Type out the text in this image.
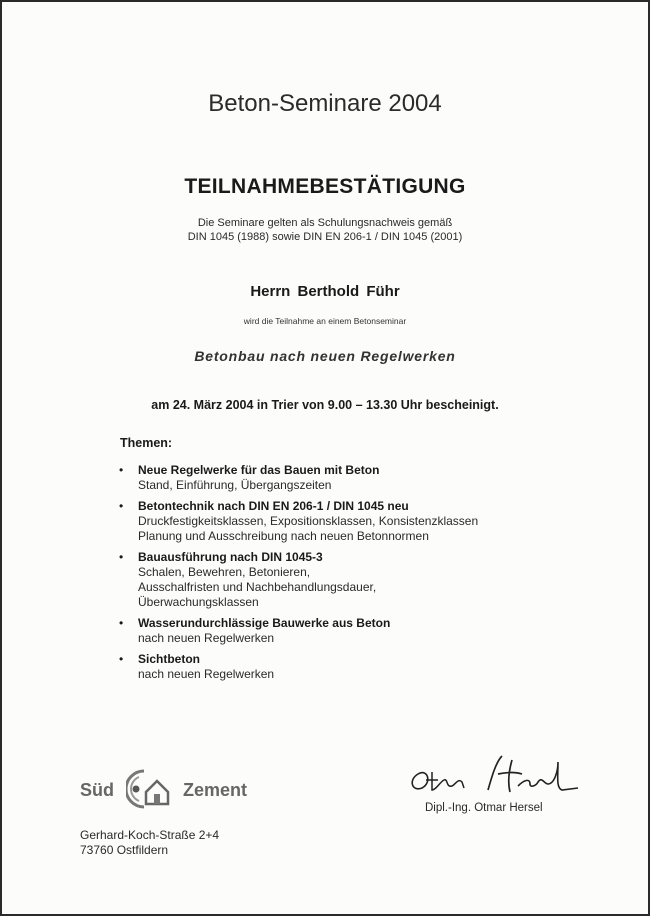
Beton-Seminare 2004
TEILNAHMEBESTÄTIGUNG
Die Seminare gelten als Schulungsnachweis gemäß
DIN 1045 (1988) sowie DIN EN 206-1 / DIN 1045 (2001)
Herrn Berthold Führ
wird die Teilnahme an einem Betonseminar
Betonbau nach neuen Regelwerken
am 24. März 2004 in Trier von 9.00 – 13.30 Uhr bescheinigt.
Themen:
• Neue Regelwerke für das Bauen mit Beton
Stand, Einführung, Übergangszeiten
• Betontechnik nach DIN EN 206-1 / DIN 1045 neu
Druckfestigkeitsklassen, Expositionsklassen, Konsistenzklassen
Planung und Ausschreibung nach neuen Betonnormen
• Bauausführung nach DIN 1045-3
Schalen, Bewehren, Betonieren,
Ausschalfristen und Nachbehandlungsdauer,
Überwachungsklassen
• Wasserundurchlässige Bauwerke aus Beton
nach neuen Regelwerken
• Sichtbeton
nach neuen Regelwerken
Süd	Zement
Gerhard-Koch-Straße 2+4
73760 Ostfildern
Dipl.-Ing. Otmar Hersel
